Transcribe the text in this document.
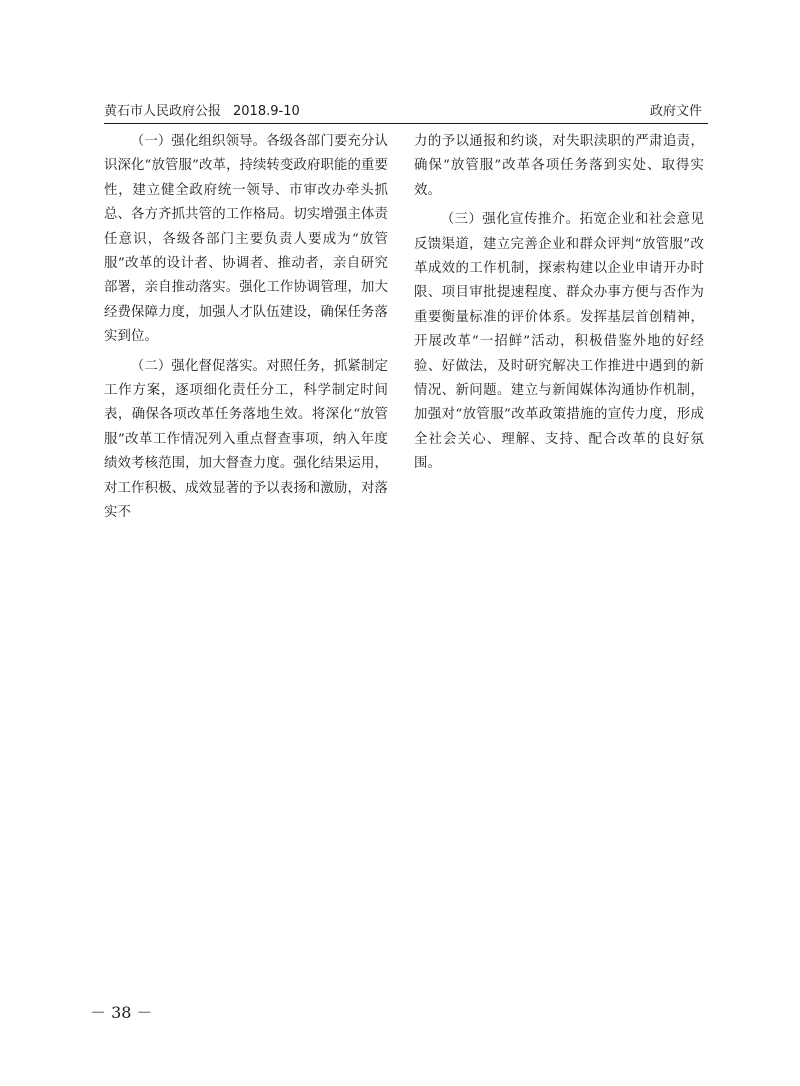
黄石市人民政府公报 2018.9-10	政府文件

（一）强化组织领导。各级各部门要充分认识深化“放管服”改革，持续转变政府职能的重要性，建立健全政府统一领导、市审改办牵头抓总、各方齐抓共管的工作格局。切实增强主体责任意识，各级各部门主要负责人要成为“放管服”改革的设计者、协调者、推动者，亲自研究部署，亲自推动落实。强化工作协调管理，加大经费保障力度，加强人才队伍建设，确保任务落实到位。

（二）强化督促落实。对照任务，抓紧制定工作方案，逐项细化责任分工，科学制定时间表，确保各项改革任务落地生效。将深化“放管服”改革工作情况列入重点督查事项，纳入年度绩效考核范围，加大督查力度。强化结果运用，对工作积极、成效显著的予以表扬和激励，对落实不

力的予以通报和约谈，对失职渎职的严肃追责，确保“放管服”改革各项任务落到实处、取得实效。

（三）强化宣传推介。拓宽企业和社会意见反馈渠道，建立完善企业和群众评判“放管服”改革成效的工作机制，探索构建以企业申请开办时限、项目审批提速程度、群众办事方便与否作为重要衡量标准的评价体系。发挥基层首创精神，开展改革“一招鲜”活动，积极借鉴外地的好经验、好做法，及时研究解决工作推进中遇到的新情况、新问题。建立与新闻媒体沟通协作机制，加强对“放管服”改革政策措施的宣传力度，形成全社会关心、理解、支持、配合改革的良好氛围。

－ 38 －
